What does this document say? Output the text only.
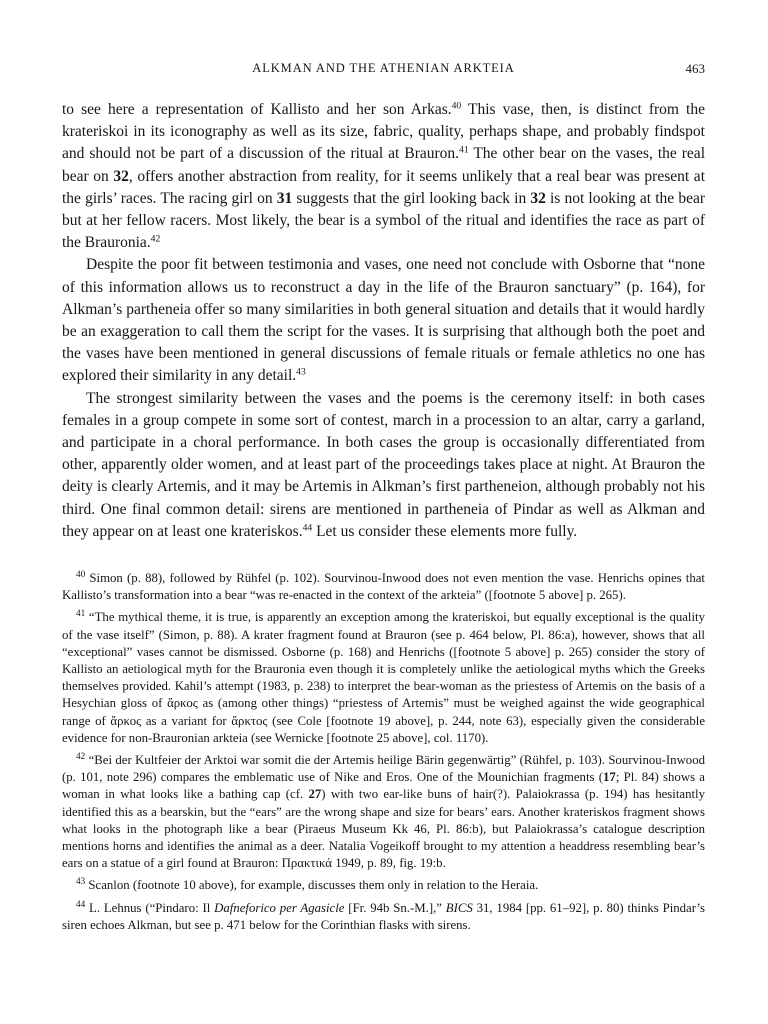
ALKMAN AND THE ATHENIAN ARKTEIA	463

to see here a representation of Kallisto and her son Arkas.$^{40}$ This vase, then, is distinct from the krateriskoi in its iconography as well as its size, fabric, quality, perhaps shape, and probably findspot and should not be part of a discussion of the ritual at Brauron.$^{41}$ The other bear on the vases, the real bear on 32, offers another abstraction from reality, for it seems unlikely that a real bear was present at the girls’ races. The racing girl on 31 suggests that the girl looking back in 32 is not looking at the bear but at her fellow racers. Most likely, the bear is a symbol of the ritual and identifies the race as part of the Brauronia.$^{42}$

Despite the poor fit between testimonia and vases, one need not conclude with Osborne that “none of this information allows us to reconstruct a day in the life of the Brauron sanctuary” (p. 164), for Alkman’s partheneia offer so many similarities in both general situation and details that it would hardly be an exaggeration to call them the script for the vases. It is surprising that although both the poet and the vases have been mentioned in general discussions of female rituals or female athletics no one has explored their similarity in any detail.$^{43}$

The strongest similarity between the vases and the poems is the ceremony itself: in both cases females in a group compete in some sort of contest, march in a procession to an altar, carry a garland, and participate in a choral performance. In both cases the group is occasionally differentiated from other, apparently older women, and at least part of the proceedings takes place at night. At Brauron the deity is clearly Artemis, and it may be Artemis in Alkman’s first partheneion, although probably not his third. One final common detail: sirens are mentioned in partheneia of Pindar as well as Alkman and they appear on at least one krateriskos.$^{44}$ Let us consider these elements more fully.

$^{40}$ Simon (p. 88), followed by Rühfel (p. 102). Sourvinou-Inwood does not even mention the vase. Henrichs opines that Kallisto’s transformation into a bear “was re-enacted in the context of the arkteia” ([footnote 5 above] p. 265).

$^{41}$ “The mythical theme, it is true, is apparently an exception among the krateriskoi, but equally exceptional is the quality of the vase itself” (Simon, p. 88). A krater fragment found at Brauron (see p. 464 below, Pl. 86:a), however, shows that all “exceptional” vases cannot be dismissed. Osborne (p. 168) and Henrichs ([footnote 5 above] p. 265) consider the story of Kallisto an aetiological myth for the Brauronia even though it is completely unlike the aetiological myths which the Greeks themselves provided. Kahil’s attempt (1983, p. 238) to interpret the bear-woman as the priestess of Artemis on the basis of a Hesychian gloss of ἄρκος as (among other things) “priestess of Artemis” must be weighed against the wide geographical range of ἄρκος as a variant for ἄρκτος (see Cole [footnote 19 above], p. 244, note 63), especially given the considerable evidence for non-Brauronian arkteia (see Wernicke [footnote 25 above], col. 1170).

$^{42}$ “Bei der Kultfeier der Arktoi war somit die der Artemis heilige Bärin gegenwärtig” (Rühfel, p. 103). Sourvinou-Inwood (p. 101, note 296) compares the emblematic use of Nike and Eros. One of the Mounichian fragments (17; Pl. 84) shows a woman in what looks like a bathing cap (cf. 27) with two ear-like buns of hair(?). Palaiokrassa (p. 194) has hesitantly identified this as a bearskin, but the “ears” are the wrong shape and size for bears’ ears. Another krateriskos fragment shows what looks in the photograph like a bear (Piraeus Museum Kk 46, Pl. 86:b), but Palaiokrassa’s catalogue description mentions horns and identifies the animal as a deer. Natalia Vogeikoff brought to my attention a headdress resembling bear’s ears on a statue of a girl found at Brauron: Πρακτικά 1949, p. 89, fig. 19:b.

$^{43}$ Scanlon (footnote 10 above), for example, discusses them only in relation to the Heraia.

$^{44}$ L. Lehnus (“Pindaro: Il Dafneforico per Agasicle [Fr. 94b Sn.-M.],” BICS 31, 1984 [pp. 61–92], p. 80) thinks Pindar’s siren echoes Alkman, but see p. 471 below for the Corinthian flasks with sirens.
